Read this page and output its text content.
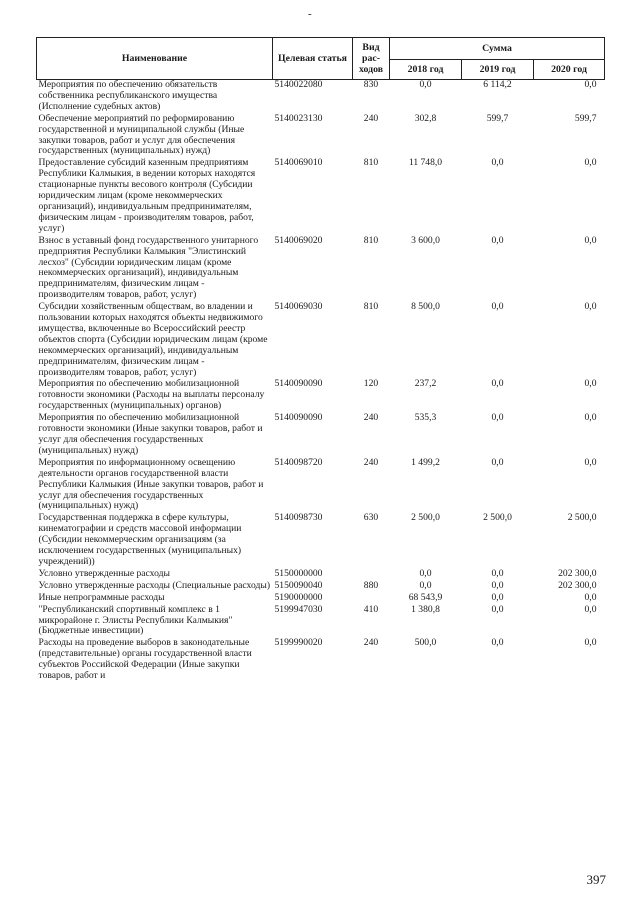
-
Наименование	Целевая статья	Вид рас-ходов	Сумма		
			2018 год	2019 год	2020 год
Мероприятия по обеспечению обязательств собственника республиканского имущества (Исполнение судебных актов)	5140022080	830	0,0	6 114,2	0,0
Обеспечение мероприятий по реформированию государственной и муниципальной службы (Иные закупки товаров, работ и услуг для обеспечения государственных (муниципальных) нужд)	5140023130	240	302,8	599,7	599,7
Предоставление субсидий казенным предприятиям Республики Калмыкия, в ведении которых находятся стационарные пункты весового контроля (Субсидии юридическим лицам (кроме некоммерческих организаций), индивидуальным предпринимателям, физическим лицам - производителям товаров, работ, услуг)	5140069010	810	11 748,0	0,0	0,0
Взнос в уставный фонд государственного унитарного предприятия Республики Калмыкия "Элистинский лесхоз" (Субсидии юридическим лицам (кроме некоммерческих организаций), индивидуальным предпринимателям, физическим лицам - производителям товаров, работ, услуг)	5140069020	810	3 600,0	0,0	0,0
Субсидии хозяйственным обществам, во владении и пользовании которых находятся объекты недвижимого имущества, включенные во Всероссийский реестр объектов спорта (Субсидии юридическим лицам (кроме некоммерческих организаций), индивидуальным предпринимателям, физическим лицам - производителям товаров, работ, услуг)	5140069030	810	8 500,0	0,0	0,0
Мероприятия по обеспечению мобилизационной готовности экономики (Расходы на выплаты персоналу государственных (муниципальных) органов)	5140090090	120	237,2	0,0	0,0
Мероприятия по обеспечению мобилизационной готовности экономики (Иные закупки товаров, работ и услуг для обеспечения государственных (муниципальных) нужд)	5140090090	240	535,3	0,0	0,0
Мероприятия по информационному освещению деятельности органов государственной власти Республики Калмыкия (Иные закупки товаров, работ и услуг для обеспечения государственных (муниципальных) нужд)	5140098720	240	1 499,2	0,0	0,0
Государственная поддержка в сфере культуры, кинематографии и средств массовой информации (Субсидии некоммерческим организациям (за исключением государственных (муниципальных) учреждений))	5140098730	630	2 500,0	2 500,0	2 500,0
Условно утвержденные расходы	5150000000		0,0	0,0	202 300,0
Условно утвержденные расходы (Специальные расходы)	5150090040	880	0,0	0,0	202 300,0
Иные непрограммные расходы	5190000000		68 543,9	0,0	0,0
"Республиканский спортивный комплекс в 1 микрорайоне г. Элисты Республики Калмыкия" (Бюджетные инвестиции)	5199947030	410	1 380,8	0,0	0,0
Расходы на проведение выборов в законодательные (представительные) органы государственной власти субъектов Российской Федерации (Иные закупки товаров, работ и	5199990020	240	500,0	0,0	0,0
397
